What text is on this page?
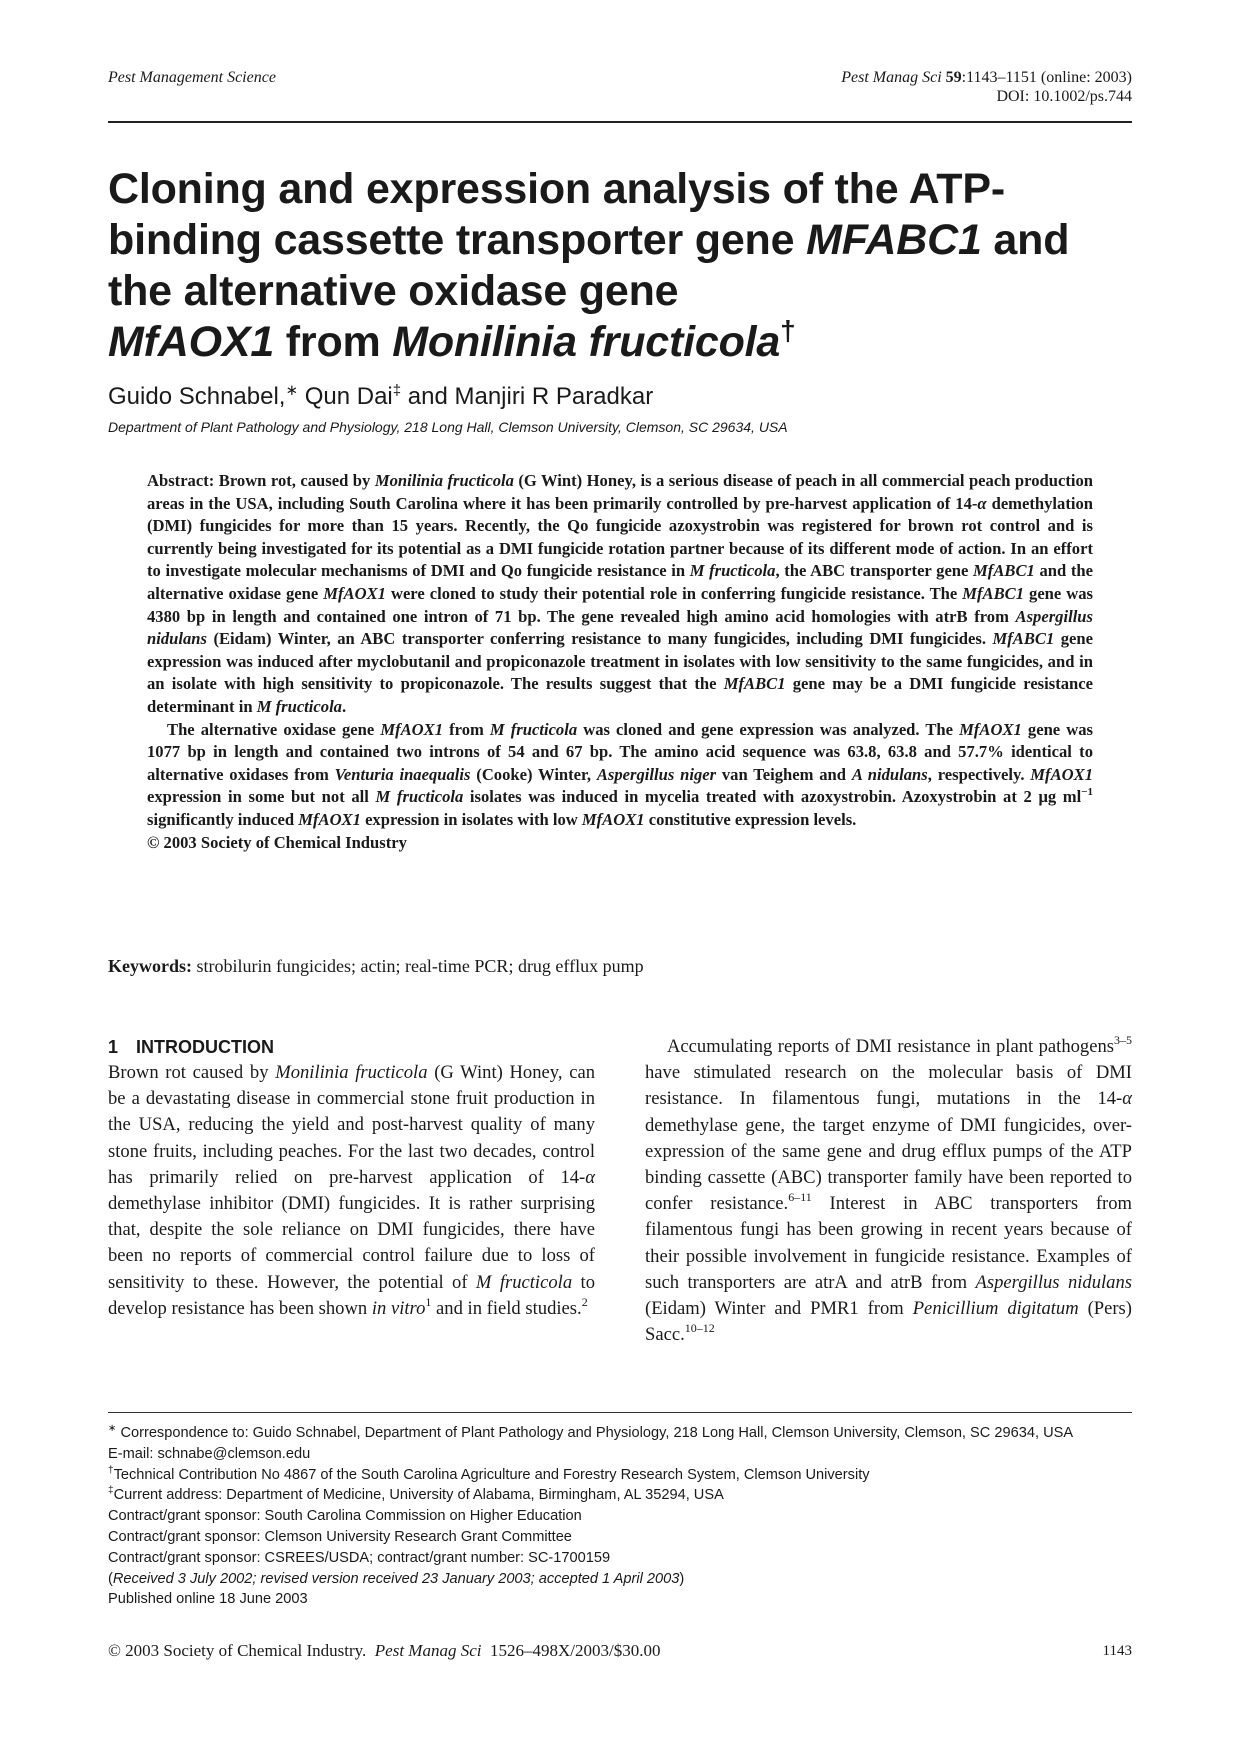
Pest Management Science	Pest Manag Sci 59:1143–1151 (online: 2003)
DOI: 10.1002/ps.744
Cloning and expression analysis of the ATP-binding cassette transporter gene MFABC1 and the alternative oxidase gene
MfAOX1 from Monilinia fructicola†
Guido Schnabel,∗ Qun Dai‡ and Manjiri R Paradkar
Department of Plant Pathology and Physiology, 218 Long Hall, Clemson University, Clemson, SC 29634, USA

Abstract: Brown rot, caused by Monilinia fructicola (G Wint) Honey, is a serious disease of peach in all commercial peach production areas in the USA, including South Carolina where it has been primarily controlled by pre-harvest application of 14-α demethylation (DMI) fungicides for more than 15 years. Recently, the Qo fungicide azoxystrobin was registered for brown rot control and is currently being investigated for its potential as a DMI fungicide rotation partner because of its different mode of action. In an effort to investigate molecular mechanisms of DMI and Qo fungicide resistance in M fructicola, the ABC transporter gene MfABC1 and the alternative oxidase gene MfAOX1 were cloned to study their potential role in conferring fungicide resistance. The MfABC1 gene was 4380 bp in length and contained one intron of 71 bp. The gene revealed high amino acid homologies with atrB from Aspergillus nidulans (Eidam) Winter, an ABC transporter conferring resistance to many fungicides, including DMI fungicides. MfABC1 gene expression was induced after myclobutanil and propiconazole treatment in isolates with low sensitivity to the same fungicides, and in an isolate with high sensitivity to propiconazole. The results suggest that the MfABC1 gene may be a DMI fungicide resistance determinant in M fructicola.

The alternative oxidase gene MfAOX1 from M fructicola was cloned and gene expression was analyzed. The MfAOX1 gene was 1077 bp in length and contained two introns of 54 and 67 bp. The amino acid sequence was 63.8, 63.8 and 57.7% identical to alternative oxidases from Venturia inaequalis (Cooke) Winter, Aspergillus niger van Teighem and A nidulans, respectively. MfAOX1 expression in some but not all M fructicola isolates was induced in mycelia treated with azoxystrobin. Azoxystrobin at 2 μg $ml^{-1}$ significantly induced MfAOX1 expression in isolates with low MfAOX1 constitutive expression levels.
© 2003 Society of Chemical Industry

Keywords: strobilurin fungicides; actin; real-time PCR; drug efflux pump
1 INTRODUCTION

Brown rot caused by Monilinia fructicola (G Wint) Honey, can be a devastating disease in commercial stone fruit production in the USA, reducing the yield and post-harvest quality of many stone fruits, including peaches. For the last two decades, control has primarily relied on pre-harvest application of 14-α demethylase inhibitor (DMI) fungicides. It is rather surprising that, despite the sole reliance on DMI fungicides, there have been no reports of commercial control failure due to loss of sensitivity to these. However, the potential of M fructicola to develop resistance has been shown in vitro$^1$ and in field studies.$^2$

Accumulating reports of DMI resistance in plant pathogens$^{3-5}$ have stimulated research on the molecular basis of DMI resistance. In filamentous fungi, mutations in the 14-α demethylase gene, the target enzyme of DMI fungicides, over-expression of the same gene and drug efflux pumps of the ATP binding cassette (ABC) transporter family have been reported to confer resistance.$^{6-11}$ Interest in ABC transporters from filamentous fungi has been growing in recent years because of their possible involvement in fungicide resistance. Examples of such transporters are atrA and atrB from Aspergillus nidulans (Eidam) Winter and PMR1 from Penicillium digitatum (Pers) Sacc.$^{10-12}$

∗ Correspondence to: Guido Schnabel, Department of Plant Pathology and Physiology, 218 Long Hall, Clemson University, Clemson, SC 29634, USA

E-mail: schnabe@clemson.edu

†Technical Contribution No 4867 of the South Carolina Agriculture and Forestry Research System, Clemson University

‡Current address: Department of Medicine, University of Alabama, Birmingham, AL 35294, USA

Contract/grant sponsor: South Carolina Commission on Higher Education

Contract/grant sponsor: Clemson University Research Grant Committee

Contract/grant sponsor: CSREES/USDA; contract/grant number: SC-1700159

(Received 3 July 2002; revised version received 23 January 2003; accepted 1 April 2003)

Published online 18 June 2003

© 2003 Society of Chemical Industry. Pest Manag Sci 1526–498X/2003/$30.00	1143
